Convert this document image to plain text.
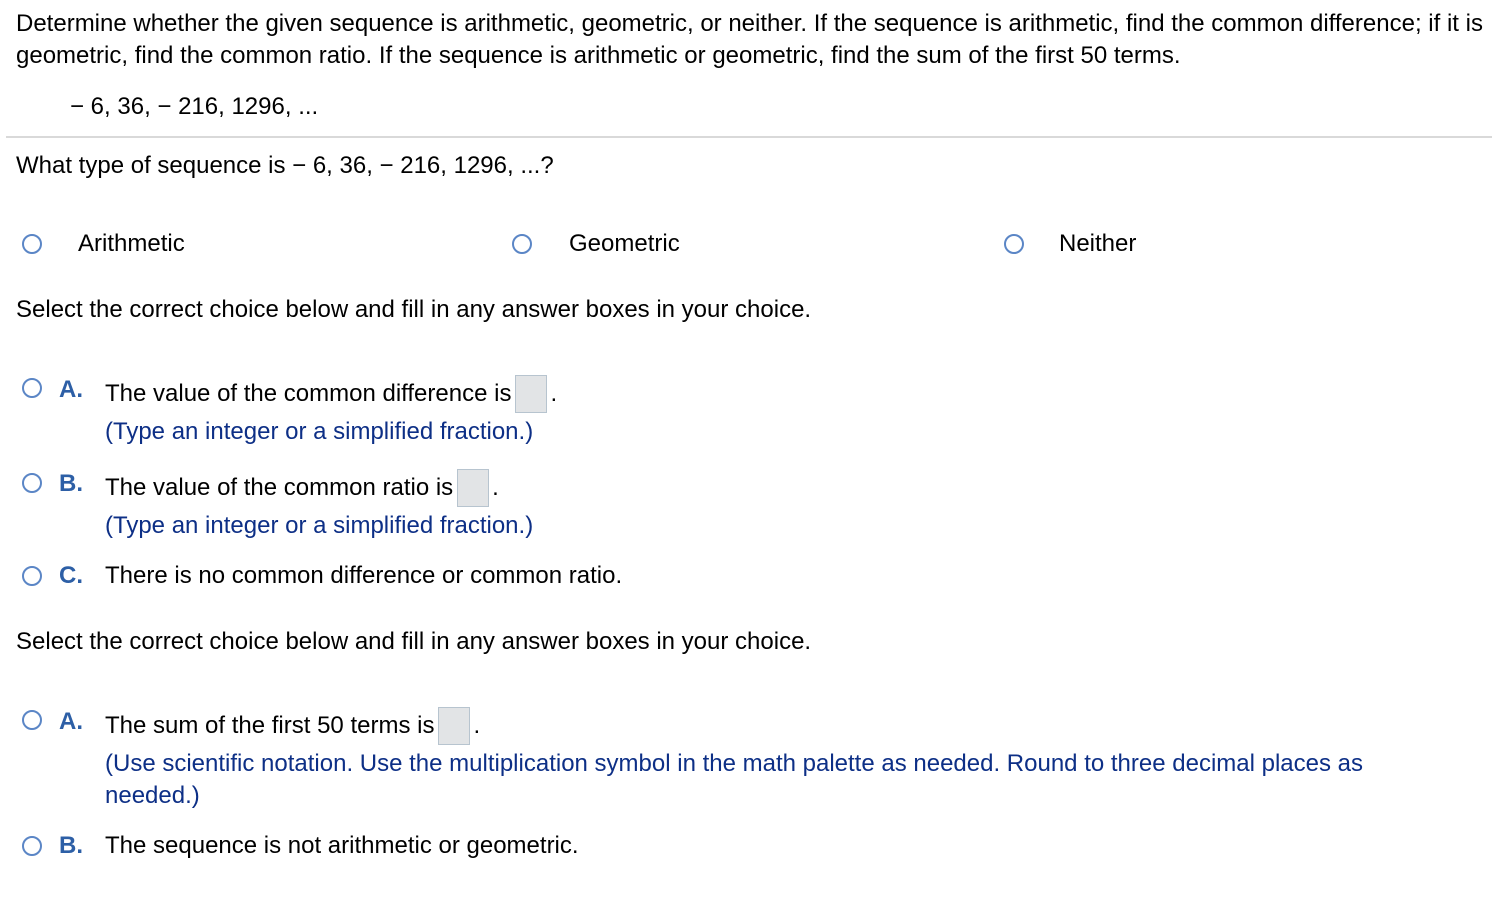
Determine whether the given sequence is arithmetic, geometric, or neither. If the sequence is arithmetic, find the common difference; if it is geometric, find the common ratio. If the sequence is arithmetic or geometric, find the sum of the first 50 terms.

− 6, 36, − 216, 1296, ...
What type of sequence is − 6, 36, − 216, 1296, ...?
Arithmetic	Geometric	Neither
Select the correct choice below and fill in any answer boxes in your choice.
A. The value of the common difference is .
(Type an integer or a simplified fraction.)
B. The value of the common ratio is .
(Type an integer or a simplified fraction.)
C. There is no common difference or common ratio.
Select the correct choice below and fill in any answer boxes in your choice.
A. The sum of the first 50 terms is .
(Use scientific notation. Use the multiplication symbol in the math palette as needed. Round to three decimal places as
needed.)
B. The sequence is not arithmetic or geometric.
